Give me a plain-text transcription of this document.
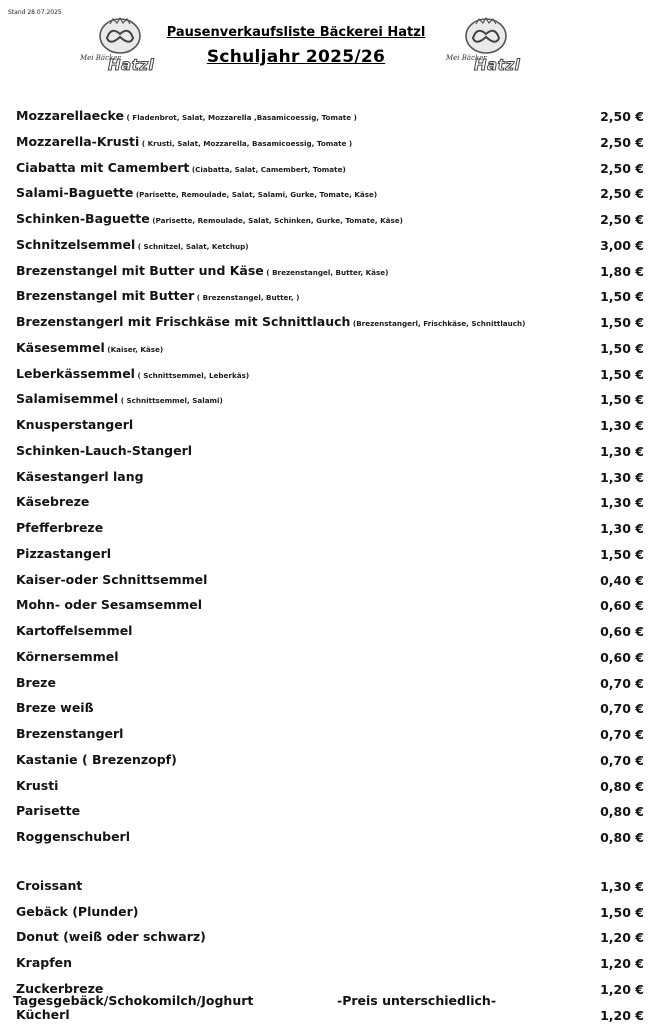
Stand 28.07.2025
Mei Bäcker
Hatzl	Mei Bäcker
Hatzl
Pausenverkaufsliste Bäckerei Hatzl
Schuljahr 2025/26
Mozzarellaecke ( Fladenbrot, Salat, Mozzarella ,Basamicoessig, Tomate )	2,50 €
Mozzarella-Krusti ( Krusti, Salat, Mozzarella, Basamicoessig, Tomate )	2,50 €
Ciabatta mit Camembert (Ciabatta, Salat, Camembert, Tomate)	2,50 €
Salami-Baguette (Parisette, Remoulade, Salat, Salami, Gurke, Tomate, Käse)	2,50 €
Schinken-Baguette (Parisette, Remoulade, Salat, Schinken, Gurke, Tomate, Käse)	2,50 €
Schnitzelsemmel ( Schnitzel, Salat, Ketchup)	3,00 €
Brezenstangel mit Butter und Käse ( Brezenstangel, Butter, Käse)	1,80 €
Brezenstangel mit Butter ( Brezenstangel, Butter, )	1,50 €
Brezenstangerl mit Frischkäse mit Schnittlauch (Brezenstangerl, Frischkäse, Schnittlauch)	1,50 €
Käsesemmel (Kaiser, Käse)	1,50 €
Leberkässemmel ( Schnittsemmel, Leberkäs)	1,50 €
Salamisemmel ( Schnittsemmel, Salami)	1,50 €
Knusperstangerl	1,30 €
Schinken-Lauch-Stangerl	1,30 €
Käsestangerl lang	1,30 €
Käsebreze	1,30 €
Pfefferbreze	1,30 €
Pizzastangerl	1,50 €
Kaiser-oder Schnittsemmel	0,40 €
Mohn- oder Sesamsemmel	0,60 €
Kartoffelsemmel	0,60 €
Körnersemmel	0,60 €
Breze	0,70 €
Breze weiß	0,70 €
Brezenstangerl	0,70 €
Kastanie ( Brezenzopf)	0,70 €
Krusti	0,80 €
Parisette	0,80 €
Roggenschuberl	0,80 €
Croissant	1,30 €
Gebäck (Plunder)	1,50 €
Donut (weiß oder schwarz)	1,20 €
Krapfen	1,20 €
Zuckerbreze	1,20 €
Kücherl	1,20 €
Tagesgebäck/Schokomilch/Joghurt	-Preis unterschiedlich-
